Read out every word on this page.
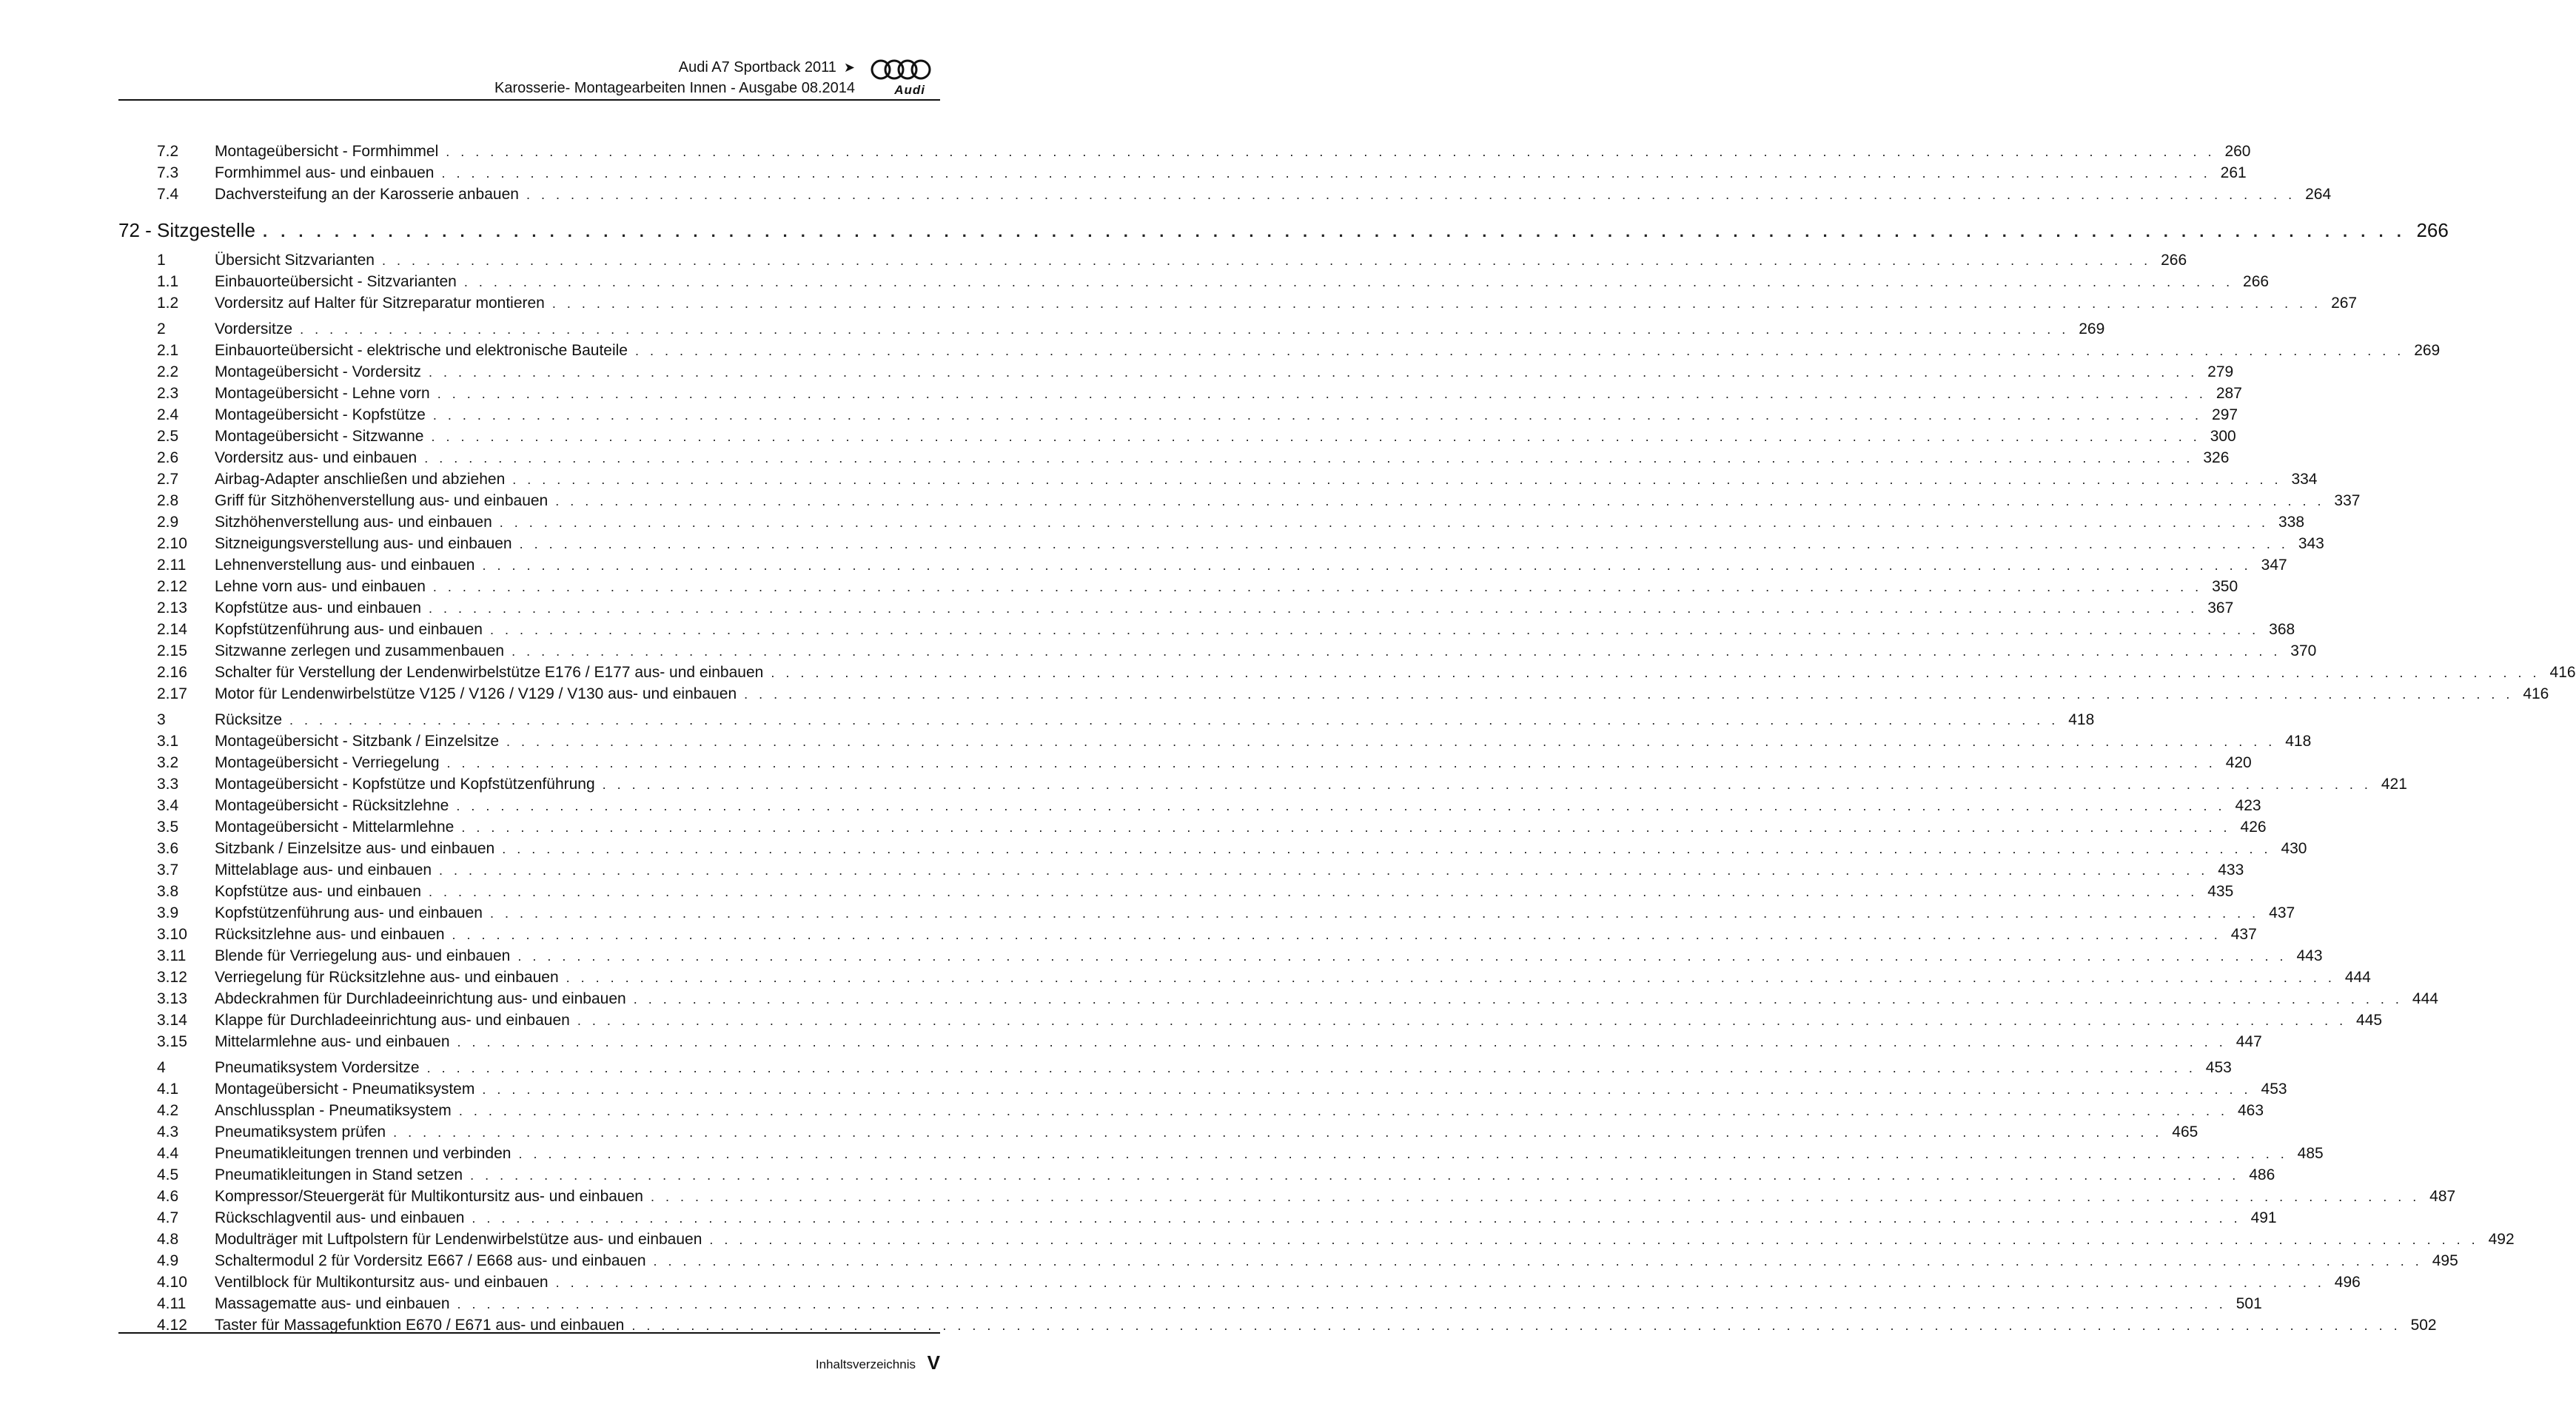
Audi A7 Sportback 2011 ➤
Karosserie- Montagearbeiten Innen - Ausgabe 08.2014	Audi
7.2	Montageübersicht - Formhimmel . . . . . . . . . . . . . . . . . . . . . . . . . . . . . . . . . . . . . . . . . . . . . . . . . . . . . . . . . . . . . . . . . . . . . . . . . . . . . . . . . . . . . . . . . . . . . . . . . . . . . . . . . . . . . . . . . . . . . . . . 260
7.3	Formhimmel aus- und einbauen . . . . . . . . . . . . . . . . . . . . . . . . . . . . . . . . . . . . . . . . . . . . . . . . . . . . . . . . . . . . . . . . . . . . . . . . . . . . . . . . . . . . . . . . . . . . . . . . . . . . . . . . . . . . . . . . . . . . . . . . 261
7.4	Dachversteifung an der Karosserie anbauen . . . . . . . . . . . . . . . . . . . . . . . . . . . . . . . . . . . . . . . . . . . . . . . . . . . . . . . . . . . . . . . . . . . . . . . . . . . . . . . . . . . . . . . . . . . . . . . . . . . . . . . . . . . . . . . . . . . . . . . . 264
72 - Sitzgestelle . . . . . . . . . . . . . . . . . . . . . . . . . . . . . . . . . . . . . . . . . . . . . . . . . . . . . . . . . . . . . . . . . . . . . . . . . . . . . . . . . . . . . . . . . . . . . . . . . . . . . . . . . . . . . . . . . . . . . . . . 266
1	Übersicht Sitzvarianten . . . . . . . . . . . . . . . . . . . . . . . . . . . . . . . . . . . . . . . . . . . . . . . . . . . . . . . . . . . . . . . . . . . . . . . . . . . . . . . . . . . . . . . . . . . . . . . . . . . . . . . . . . . . . . . . . . . . . . . . 266
1.1	Einbauorteübersicht - Sitzvarianten . . . . . . . . . . . . . . . . . . . . . . . . . . . . . . . . . . . . . . . . . . . . . . . . . . . . . . . . . . . . . . . . . . . . . . . . . . . . . . . . . . . . . . . . . . . . . . . . . . . . . . . . . . . . . . . . . . . . . . . . 266
1.2	Vordersitz auf Halter für Sitzreparatur montieren . . . . . . . . . . . . . . . . . . . . . . . . . . . . . . . . . . . . . . . . . . . . . . . . . . . . . . . . . . . . . . . . . . . . . . . . . . . . . . . . . . . . . . . . . . . . . . . . . . . . . . . . . . . . . . . . . . . . . . . . 267
2	Vordersitze . . . . . . . . . . . . . . . . . . . . . . . . . . . . . . . . . . . . . . . . . . . . . . . . . . . . . . . . . . . . . . . . . . . . . . . . . . . . . . . . . . . . . . . . . . . . . . . . . . . . . . . . . . . . . . . . . . . . . . . . 269
2.1	Einbauorteübersicht - elektrische und elektronische Bauteile . . . . . . . . . . . . . . . . . . . . . . . . . . . . . . . . . . . . . . . . . . . . . . . . . . . . . . . . . . . . . . . . . . . . . . . . . . . . . . . . . . . . . . . . . . . . . . . . . . . . . . . . . . . . . . . . . . . . . . . . 269
2.2	Montageübersicht - Vordersitz . . . . . . . . . . . . . . . . . . . . . . . . . . . . . . . . . . . . . . . . . . . . . . . . . . . . . . . . . . . . . . . . . . . . . . . . . . . . . . . . . . . . . . . . . . . . . . . . . . . . . . . . . . . . . . . . . . . . . . . . 279
2.3	Montageübersicht - Lehne vorn . . . . . . . . . . . . . . . . . . . . . . . . . . . . . . . . . . . . . . . . . . . . . . . . . . . . . . . . . . . . . . . . . . . . . . . . . . . . . . . . . . . . . . . . . . . . . . . . . . . . . . . . . . . . . . . . . . . . . . . . 287
2.4	Montageübersicht - Kopfstütze . . . . . . . . . . . . . . . . . . . . . . . . . . . . . . . . . . . . . . . . . . . . . . . . . . . . . . . . . . . . . . . . . . . . . . . . . . . . . . . . . . . . . . . . . . . . . . . . . . . . . . . . . . . . . . . . . . . . . . . . 297
2.5	Montageübersicht - Sitzwanne . . . . . . . . . . . . . . . . . . . . . . . . . . . . . . . . . . . . . . . . . . . . . . . . . . . . . . . . . . . . . . . . . . . . . . . . . . . . . . . . . . . . . . . . . . . . . . . . . . . . . . . . . . . . . . . . . . . . . . . . 300
2.6	Vordersitz aus- und einbauen . . . . . . . . . . . . . . . . . . . . . . . . . . . . . . . . . . . . . . . . . . . . . . . . . . . . . . . . . . . . . . . . . . . . . . . . . . . . . . . . . . . . . . . . . . . . . . . . . . . . . . . . . . . . . . . . . . . . . . . . 326
2.7	Airbag-Adapter anschließen und abziehen . . . . . . . . . . . . . . . . . . . . . . . . . . . . . . . . . . . . . . . . . . . . . . . . . . . . . . . . . . . . . . . . . . . . . . . . . . . . . . . . . . . . . . . . . . . . . . . . . . . . . . . . . . . . . . . . . . . . . . . . 334
2.8	Griff für Sitzhöhenverstellung aus- und einbauen . . . . . . . . . . . . . . . . . . . . . . . . . . . . . . . . . . . . . . . . . . . . . . . . . . . . . . . . . . . . . . . . . . . . . . . . . . . . . . . . . . . . . . . . . . . . . . . . . . . . . . . . . . . . . . . . . . . . . . . . 337
2.9	Sitzhöhenverstellung aus- und einbauen . . . . . . . . . . . . . . . . . . . . . . . . . . . . . . . . . . . . . . . . . . . . . . . . . . . . . . . . . . . . . . . . . . . . . . . . . . . . . . . . . . . . . . . . . . . . . . . . . . . . . . . . . . . . . . . . . . . . . . . . 338
2.10	Sitzneigungsverstellung aus- und einbauen . . . . . . . . . . . . . . . . . . . . . . . . . . . . . . . . . . . . . . . . . . . . . . . . . . . . . . . . . . . . . . . . . . . . . . . . . . . . . . . . . . . . . . . . . . . . . . . . . . . . . . . . . . . . . . . . . . . . . . . . 343
2.11	Lehnenverstellung aus- und einbauen . . . . . . . . . . . . . . . . . . . . . . . . . . . . . . . . . . . . . . . . . . . . . . . . . . . . . . . . . . . . . . . . . . . . . . . . . . . . . . . . . . . . . . . . . . . . . . . . . . . . . . . . . . . . . . . . . . . . . . . . 347
2.12	Lehne vorn aus- und einbauen . . . . . . . . . . . . . . . . . . . . . . . . . . . . . . . . . . . . . . . . . . . . . . . . . . . . . . . . . . . . . . . . . . . . . . . . . . . . . . . . . . . . . . . . . . . . . . . . . . . . . . . . . . . . . . . . . . . . . . . . 350
2.13	Kopfstütze aus- und einbauen . . . . . . . . . . . . . . . . . . . . . . . . . . . . . . . . . . . . . . . . . . . . . . . . . . . . . . . . . . . . . . . . . . . . . . . . . . . . . . . . . . . . . . . . . . . . . . . . . . . . . . . . . . . . . . . . . . . . . . . . 367
2.14	Kopfstützenführung aus- und einbauen . . . . . . . . . . . . . . . . . . . . . . . . . . . . . . . . . . . . . . . . . . . . . . . . . . . . . . . . . . . . . . . . . . . . . . . . . . . . . . . . . . . . . . . . . . . . . . . . . . . . . . . . . . . . . . . . . . . . . . . . 368
2.15	Sitzwanne zerlegen und zusammenbauen . . . . . . . . . . . . . . . . . . . . . . . . . . . . . . . . . . . . . . . . . . . . . . . . . . . . . . . . . . . . . . . . . . . . . . . . . . . . . . . . . . . . . . . . . . . . . . . . . . . . . . . . . . . . . . . . . . . . . . . . 370
2.16	Schalter für Verstellung der Lendenwirbelstütze E176 / E177 aus- und einbauen . . . . . . . . . . . . . . . . . . . . . . . . . . . . . . . . . . . . . . . . . . . . . . . . . . . . . . . . . . . . . . . . . . . . . . . . . . . . . . . . . . . . . . . . . . . . . . . . . . . . . . . . . . . . . . . . . . . . . . . . 416
2.17	Motor für Lendenwirbelstütze V125 / V126 / V129 / V130 aus- und einbauen . . . . . . . . . . . . . . . . . . . . . . . . . . . . . . . . . . . . . . . . . . . . . . . . . . . . . . . . . . . . . . . . . . . . . . . . . . . . . . . . . . . . . . . . . . . . . . . . . . . . . . . . . . . . . . . . . . . . . . . . 416
3	Rücksitze . . . . . . . . . . . . . . . . . . . . . . . . . . . . . . . . . . . . . . . . . . . . . . . . . . . . . . . . . . . . . . . . . . . . . . . . . . . . . . . . . . . . . . . . . . . . . . . . . . . . . . . . . . . . . . . . . . . . . . . . 418
3.1	Montageübersicht - Sitzbank / Einzelsitze . . . . . . . . . . . . . . . . . . . . . . . . . . . . . . . . . . . . . . . . . . . . . . . . . . . . . . . . . . . . . . . . . . . . . . . . . . . . . . . . . . . . . . . . . . . . . . . . . . . . . . . . . . . . . . . . . . . . . . . . 418
3.2	Montageübersicht - Verriegelung . . . . . . . . . . . . . . . . . . . . . . . . . . . . . . . . . . . . . . . . . . . . . . . . . . . . . . . . . . . . . . . . . . . . . . . . . . . . . . . . . . . . . . . . . . . . . . . . . . . . . . . . . . . . . . . . . . . . . . . . 420
3.3	Montageübersicht - Kopfstütze und Kopfstützenführung . . . . . . . . . . . . . . . . . . . . . . . . . . . . . . . . . . . . . . . . . . . . . . . . . . . . . . . . . . . . . . . . . . . . . . . . . . . . . . . . . . . . . . . . . . . . . . . . . . . . . . . . . . . . . . . . . . . . . . . . 421
3.4	Montageübersicht - Rücksitzlehne . . . . . . . . . . . . . . . . . . . . . . . . . . . . . . . . . . . . . . . . . . . . . . . . . . . . . . . . . . . . . . . . . . . . . . . . . . . . . . . . . . . . . . . . . . . . . . . . . . . . . . . . . . . . . . . . . . . . . . . . 423
3.5	Montageübersicht - Mittelarmlehne . . . . . . . . . . . . . . . . . . . . . . . . . . . . . . . . . . . . . . . . . . . . . . . . . . . . . . . . . . . . . . . . . . . . . . . . . . . . . . . . . . . . . . . . . . . . . . . . . . . . . . . . . . . . . . . . . . . . . . . . 426
3.6	Sitzbank / Einzelsitze aus- und einbauen . . . . . . . . . . . . . . . . . . . . . . . . . . . . . . . . . . . . . . . . . . . . . . . . . . . . . . . . . . . . . . . . . . . . . . . . . . . . . . . . . . . . . . . . . . . . . . . . . . . . . . . . . . . . . . . . . . . . . . . . 430
3.7	Mittelablage aus- und einbauen . . . . . . . . . . . . . . . . . . . . . . . . . . . . . . . . . . . . . . . . . . . . . . . . . . . . . . . . . . . . . . . . . . . . . . . . . . . . . . . . . . . . . . . . . . . . . . . . . . . . . . . . . . . . . . . . . . . . . . . . 433
3.8	Kopfstütze aus- und einbauen . . . . . . . . . . . . . . . . . . . . . . . . . . . . . . . . . . . . . . . . . . . . . . . . . . . . . . . . . . . . . . . . . . . . . . . . . . . . . . . . . . . . . . . . . . . . . . . . . . . . . . . . . . . . . . . . . . . . . . . . 435
3.9	Kopfstützenführung aus- und einbauen . . . . . . . . . . . . . . . . . . . . . . . . . . . . . . . . . . . . . . . . . . . . . . . . . . . . . . . . . . . . . . . . . . . . . . . . . . . . . . . . . . . . . . . . . . . . . . . . . . . . . . . . . . . . . . . . . . . . . . . . 437
3.10	Rücksitzlehne aus- und einbauen . . . . . . . . . . . . . . . . . . . . . . . . . . . . . . . . . . . . . . . . . . . . . . . . . . . . . . . . . . . . . . . . . . . . . . . . . . . . . . . . . . . . . . . . . . . . . . . . . . . . . . . . . . . . . . . . . . . . . . . . 437
3.11	Blende für Verriegelung aus- und einbauen . . . . . . . . . . . . . . . . . . . . . . . . . . . . . . . . . . . . . . . . . . . . . . . . . . . . . . . . . . . . . . . . . . . . . . . . . . . . . . . . . . . . . . . . . . . . . . . . . . . . . . . . . . . . . . . . . . . . . . . . 443
3.12	Verriegelung für Rücksitzlehne aus- und einbauen . . . . . . . . . . . . . . . . . . . . . . . . . . . . . . . . . . . . . . . . . . . . . . . . . . . . . . . . . . . . . . . . . . . . . . . . . . . . . . . . . . . . . . . . . . . . . . . . . . . . . . . . . . . . . . . . . . . . . . . . 444
3.13	Abdeckrahmen für Durchladeeinrichtung aus- und einbauen . . . . . . . . . . . . . . . . . . . . . . . . . . . . . . . . . . . . . . . . . . . . . . . . . . . . . . . . . . . . . . . . . . . . . . . . . . . . . . . . . . . . . . . . . . . . . . . . . . . . . . . . . . . . . . . . . . . . . . . . 444
3.14	Klappe für Durchladeeinrichtung aus- und einbauen . . . . . . . . . . . . . . . . . . . . . . . . . . . . . . . . . . . . . . . . . . . . . . . . . . . . . . . . . . . . . . . . . . . . . . . . . . . . . . . . . . . . . . . . . . . . . . . . . . . . . . . . . . . . . . . . . . . . . . . . 445
3.15	Mittelarmlehne aus- und einbauen . . . . . . . . . . . . . . . . . . . . . . . . . . . . . . . . . . . . . . . . . . . . . . . . . . . . . . . . . . . . . . . . . . . . . . . . . . . . . . . . . . . . . . . . . . . . . . . . . . . . . . . . . . . . . . . . . . . . . . . . 447
4	Pneumatiksystem Vordersitze . . . . . . . . . . . . . . . . . . . . . . . . . . . . . . . . . . . . . . . . . . . . . . . . . . . . . . . . . . . . . . . . . . . . . . . . . . . . . . . . . . . . . . . . . . . . . . . . . . . . . . . . . . . . . . . . . . . . . . . . 453
4.1	Montageübersicht - Pneumatiksystem . . . . . . . . . . . . . . . . . . . . . . . . . . . . . . . . . . . . . . . . . . . . . . . . . . . . . . . . . . . . . . . . . . . . . . . . . . . . . . . . . . . . . . . . . . . . . . . . . . . . . . . . . . . . . . . . . . . . . . . . 453
4.2	Anschlussplan - Pneumatiksystem . . . . . . . . . . . . . . . . . . . . . . . . . . . . . . . . . . . . . . . . . . . . . . . . . . . . . . . . . . . . . . . . . . . . . . . . . . . . . . . . . . . . . . . . . . . . . . . . . . . . . . . . . . . . . . . . . . . . . . . . 463
4.3	Pneumatiksystem prüfen . . . . . . . . . . . . . . . . . . . . . . . . . . . . . . . . . . . . . . . . . . . . . . . . . . . . . . . . . . . . . . . . . . . . . . . . . . . . . . . . . . . . . . . . . . . . . . . . . . . . . . . . . . . . . . . . . . . . . . . . 465
4.4	Pneumatikleitungen trennen und verbinden . . . . . . . . . . . . . . . . . . . . . . . . . . . . . . . . . . . . . . . . . . . . . . . . . . . . . . . . . . . . . . . . . . . . . . . . . . . . . . . . . . . . . . . . . . . . . . . . . . . . . . . . . . . . . . . . . . . . . . . . 485
4.5	Pneumatikleitungen in Stand setzen . . . . . . . . . . . . . . . . . . . . . . . . . . . . . . . . . . . . . . . . . . . . . . . . . . . . . . . . . . . . . . . . . . . . . . . . . . . . . . . . . . . . . . . . . . . . . . . . . . . . . . . . . . . . . . . . . . . . . . . . 486
4.6	Kompressor/Steuergerät für Multikontursitz aus- und einbauen . . . . . . . . . . . . . . . . . . . . . . . . . . . . . . . . . . . . . . . . . . . . . . . . . . . . . . . . . . . . . . . . . . . . . . . . . . . . . . . . . . . . . . . . . . . . . . . . . . . . . . . . . . . . . . . . . . . . . . . . 487
4.7	Rückschlagventil aus- und einbauen . . . . . . . . . . . . . . . . . . . . . . . . . . . . . . . . . . . . . . . . . . . . . . . . . . . . . . . . . . . . . . . . . . . . . . . . . . . . . . . . . . . . . . . . . . . . . . . . . . . . . . . . . . . . . . . . . . . . . . . . 491
4.8	Modulträger mit Luftpolstern für Lendenwirbelstütze aus- und einbauen . . . . . . . . . . . . . . . . . . . . . . . . . . . . . . . . . . . . . . . . . . . . . . . . . . . . . . . . . . . . . . . . . . . . . . . . . . . . . . . . . . . . . . . . . . . . . . . . . . . . . . . . . . . . . . . . . . . . . . . . 492
4.9	Schaltermodul 2 für Vordersitz E667 / E668 aus- und einbauen . . . . . . . . . . . . . . . . . . . . . . . . . . . . . . . . . . . . . . . . . . . . . . . . . . . . . . . . . . . . . . . . . . . . . . . . . . . . . . . . . . . . . . . . . . . . . . . . . . . . . . . . . . . . . . . . . . . . . . . . 495
4.10	Ventilblock für Multikontursitz aus- und einbauen . . . . . . . . . . . . . . . . . . . . . . . . . . . . . . . . . . . . . . . . . . . . . . . . . . . . . . . . . . . . . . . . . . . . . . . . . . . . . . . . . . . . . . . . . . . . . . . . . . . . . . . . . . . . . . . . . . . . . . . . 496
4.11	Massagematte aus- und einbauen . . . . . . . . . . . . . . . . . . . . . . . . . . . . . . . . . . . . . . . . . . . . . . . . . . . . . . . . . . . . . . . . . . . . . . . . . . . . . . . . . . . . . . . . . . . . . . . . . . . . . . . . . . . . . . . . . . . . . . . . 501
4.12	Taster für Massagefunktion E670 / E671 aus- und einbauen . . . . . . . . . . . . . . . . . . . . . . . . . . . . . . . . . . . . . . . . . . . . . . . . . . . . . . . . . . . . . . . . . . . . . . . . . . . . . . . . . . . . . . . . . . . . . . . . . . . . . . . . . . . . . . . . . . . . . . . . 502
Inhaltsverzeichnis V
